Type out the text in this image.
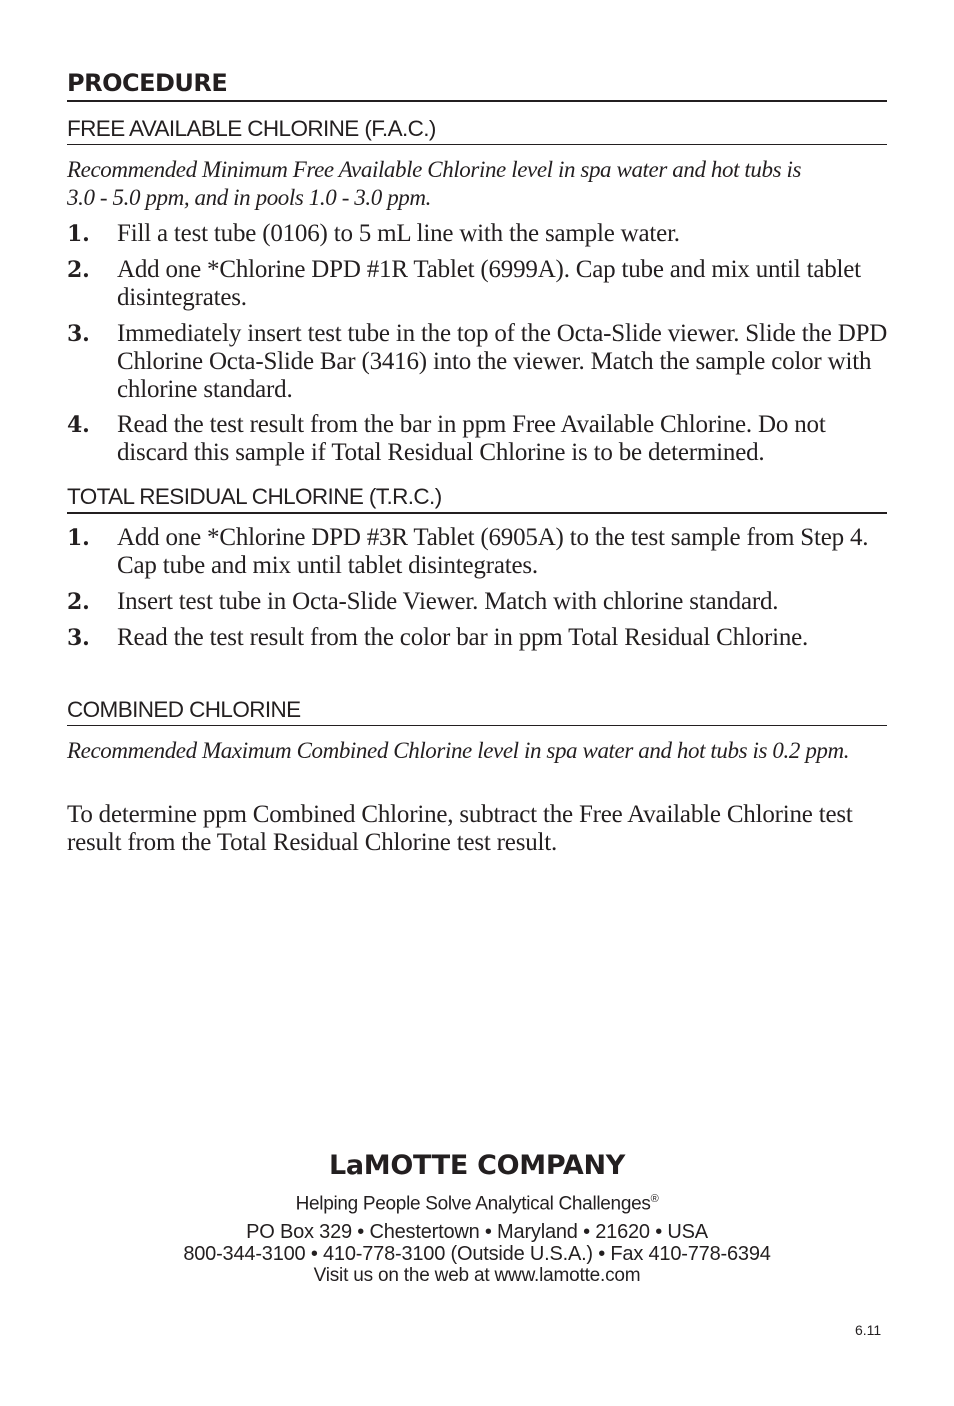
PROCEDURE
FREE AVAILABLE CHLORINE (F.A.C.)
Recommended Minimum Free Available Chlorine level in spa water and hot tubs is
3.0 - 5.0 ppm, and in pools 1.0 - 3.0 ppm.
1. Fill a test tube (0106) to 5 mL line with the sample water.
2. Add one *Chlorine DPD #1R Tablet (6999A). Cap tube and mix until tablet disintegrates.
3. Immediately insert test tube in the top of the Octa-Slide viewer. Slide the DPD Chlorine Octa-Slide Bar (3416) into the viewer. Match the sample color with chlorine standard.
4. Read the test result from the bar in ppm Free Available Chlorine. Do not discard this sample if Total Residual Chlorine is to be determined.
TOTAL RESIDUAL CHLORINE (T.R.C.)
1. Add one *Chlorine DPD #3R Tablet (6905A) to the test sample from Step 4. Cap tube and mix until tablet disintegrates.
2. Insert test tube in Octa-Slide Viewer. Match with chlorine standard.
3. Read the test result from the color bar in ppm Total Residual Chlorine.
COMBINED CHLORINE
Recommended Maximum Combined Chlorine level in spa water and hot tubs is 0.2 ppm.
To determine ppm Combined Chlorine, subtract the Free Available Chlorine test result from the Total Residual Chlorine test result.
LaMOTTE COMPANY
Helping People Solve Analytical Challenges®
PO Box 329 • Chestertown • Maryland • 21620 • USA
800-344-3100 • 410-778-3100 (Outside U.S.A.) • Fax 410-778-6394
Visit us on the web at www.lamotte.com
6.11
